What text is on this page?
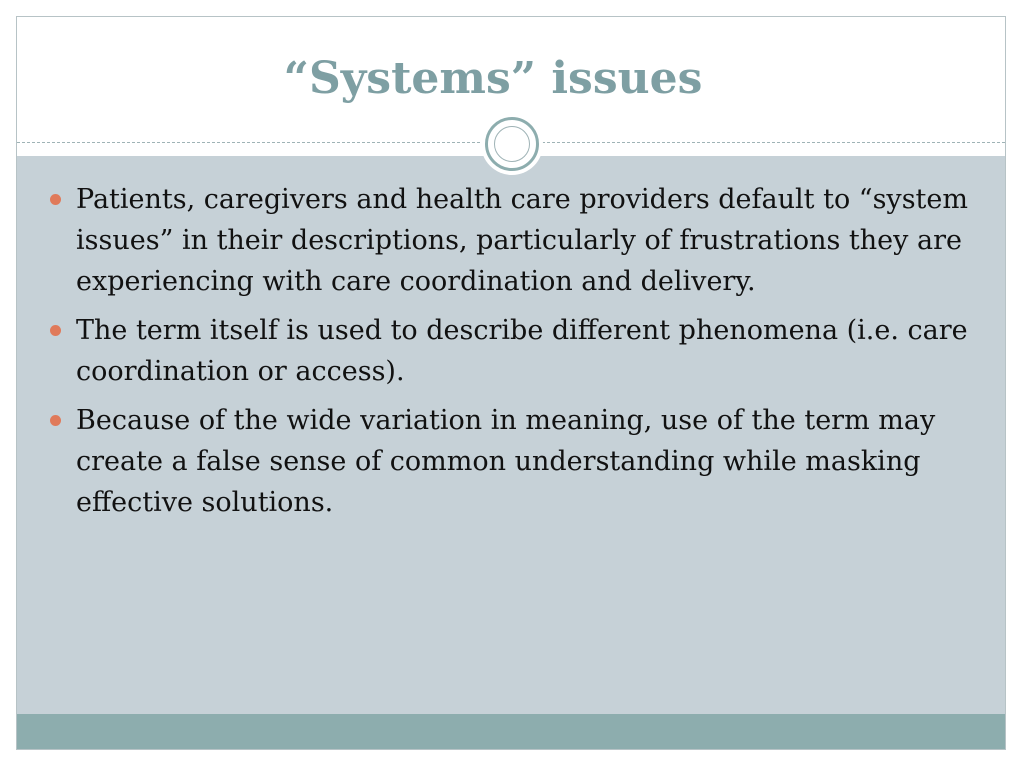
“Systems” issues
Patients, caregivers and health care providers default to “system issues” in their descriptions, particularly of frustrations they are experiencing with care coordination and delivery.
The term itself is used to describe different phenomena (i.e. care coordination or access).
Because of the wide variation in meaning, use of the term may create a false sense of common understanding while masking effective solutions.
